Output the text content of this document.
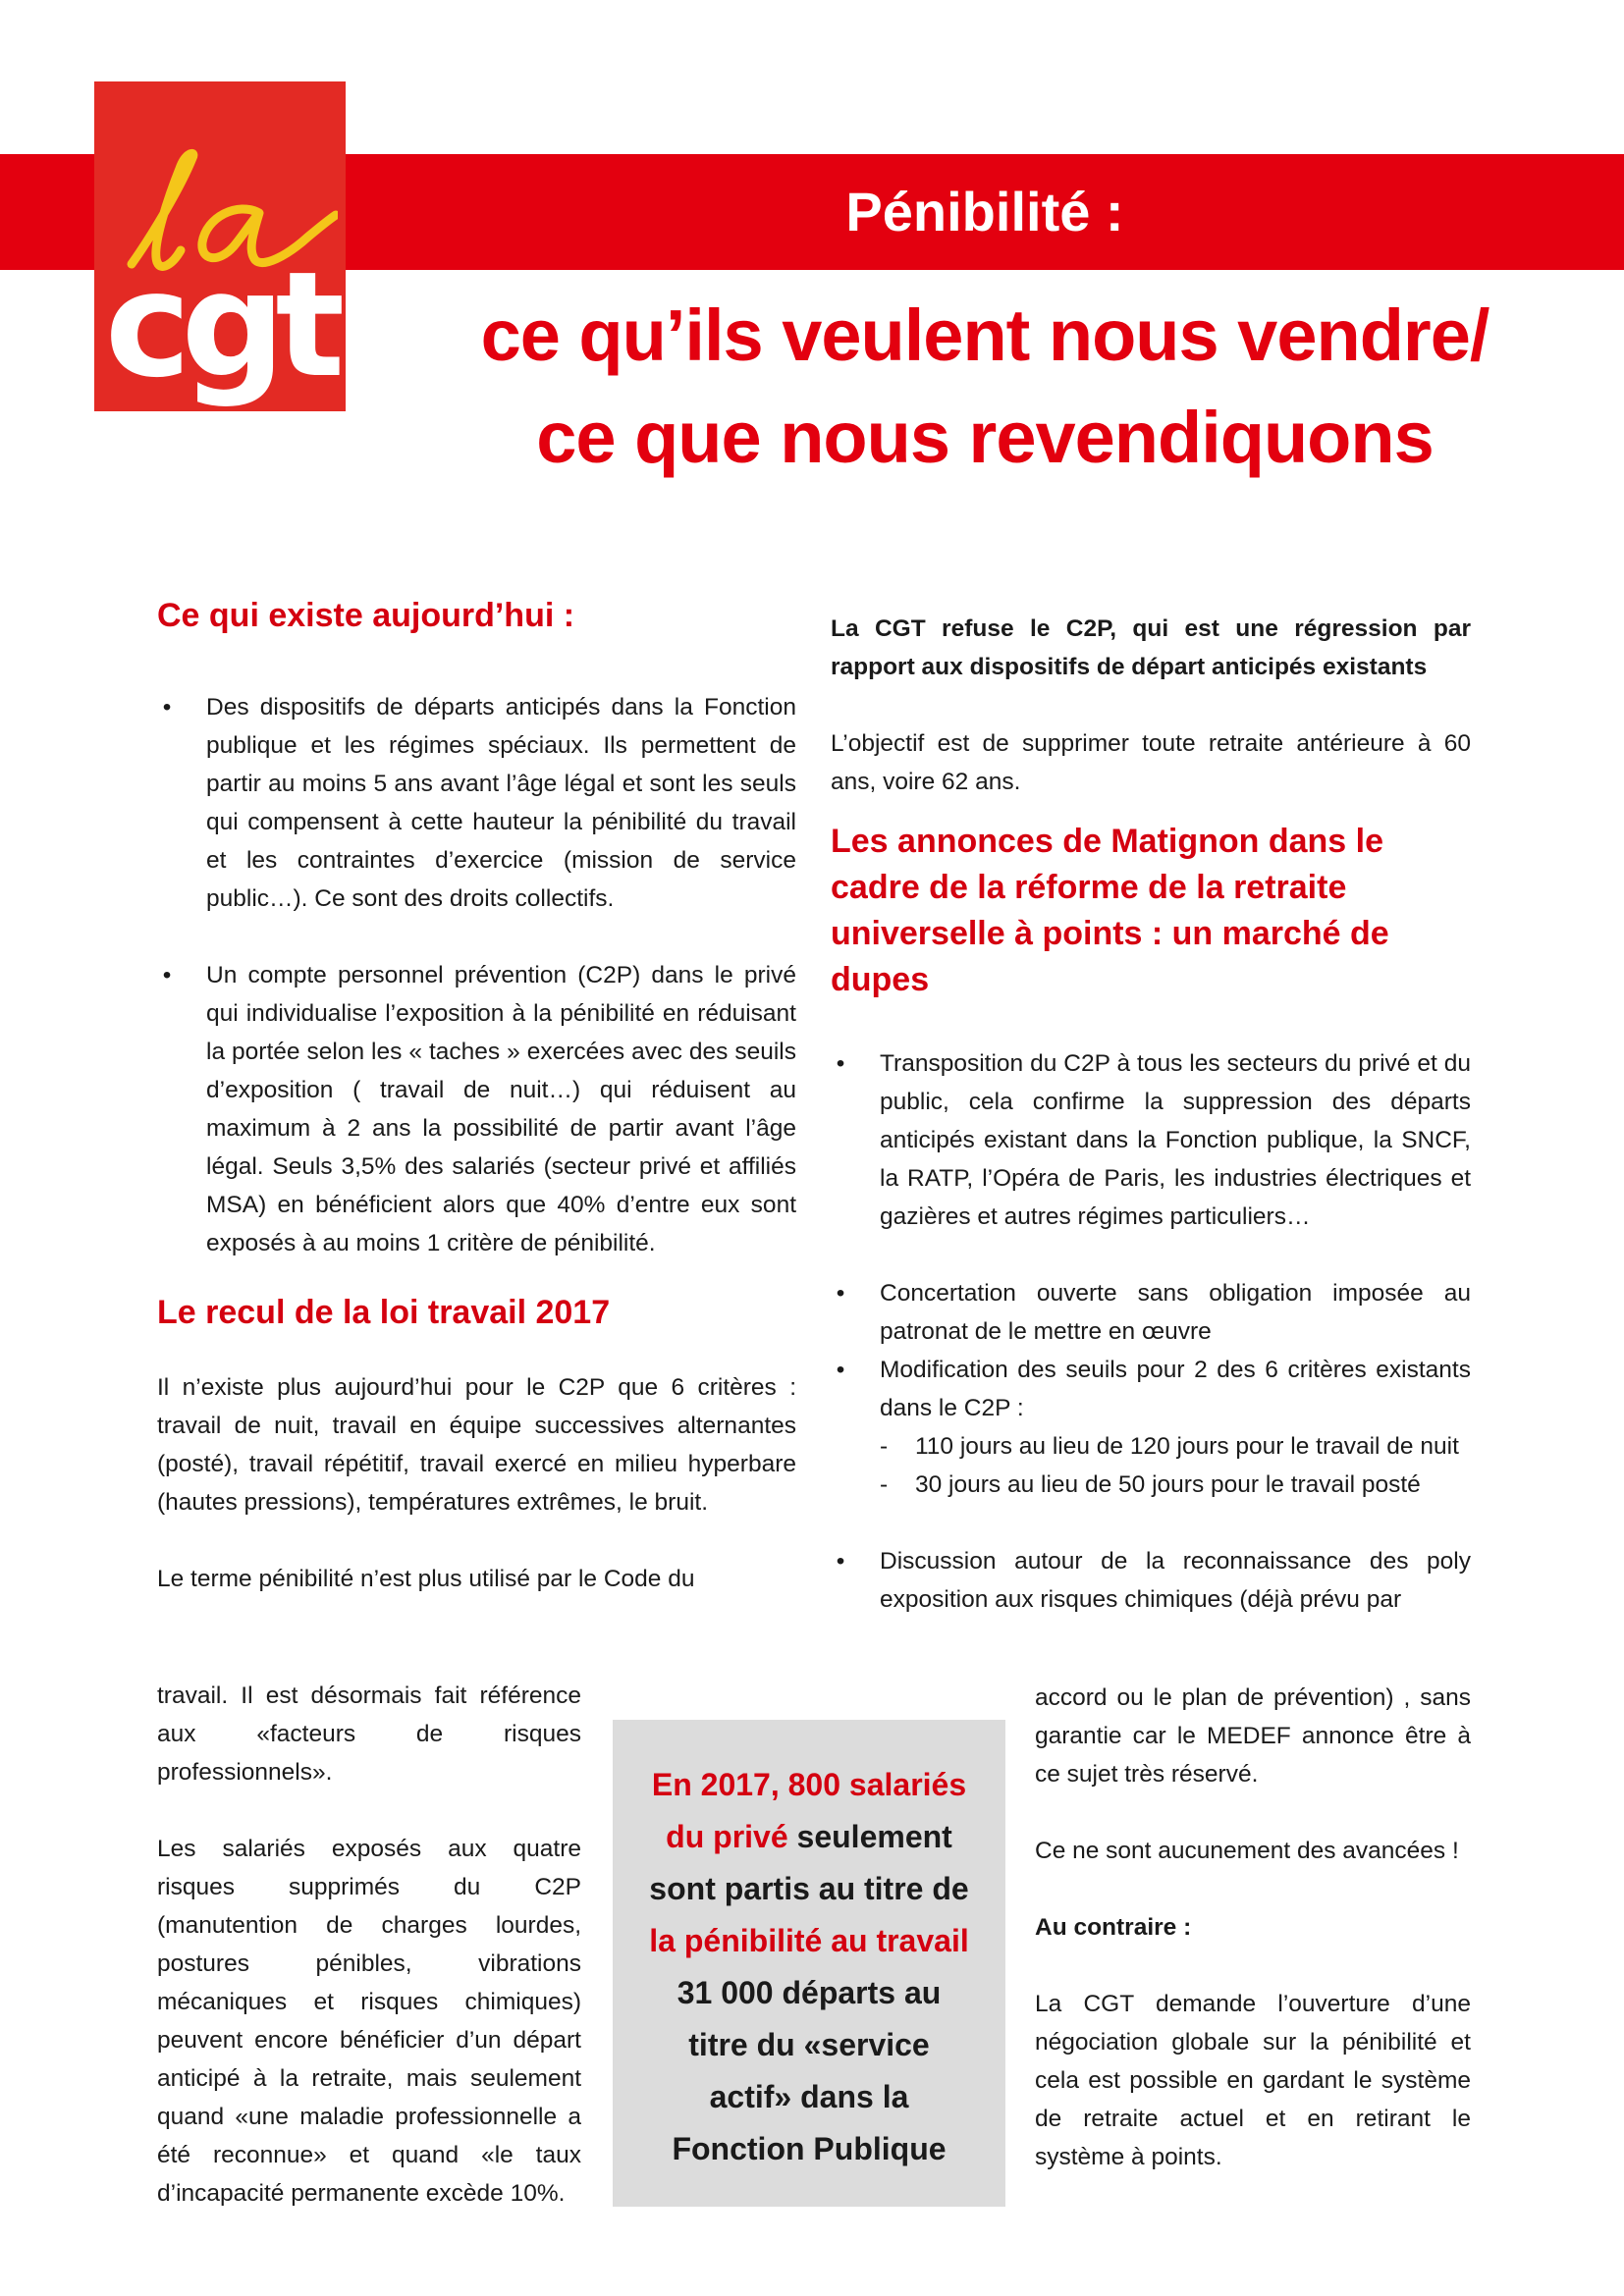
cgt
Pénibilité :
ce qu’ils veulent nous vendre/
ce que nous revendiquons
Ce qui existe aujourd’hui :
• Des dispositifs de départs anticipés dans la Fonction publique et les régimes spéciaux. Ils permettent de partir au moins 5 ans avant l’âge légal et sont les seuls qui compensent à cette hauteur la pénibilité du travail et les contraintes d’exercice (mission de service public…). Ce sont des droits collectifs.

• Un compte personnel prévention (C2P) dans le privé qui individualise l’exposition à la pénibilité en réduisant la portée selon les « taches » exercées avec des seuils d’exposition ( travail de nuit…) qui réduisent au maximum à 2 ans la possibilité de partir avant l’âge légal. Seuls 3,5% des salariés (secteur privé et affiliés MSA) en bénéficient alors que 40% d’entre eux sont exposés à au moins 1 critère de pénibilité.

Le recul de la loi travail 2017

Il n’existe plus aujourd’hui pour le C2P que 6 critères : travail de nuit, travail en équipe successives alternantes (posté), travail répétitif, travail exercé en milieu hyperbare (hautes pressions), températures extrêmes, le bruit.

Le terme pénibilité n’est plus utilisé par le Code du

travail. Il est désormais fait référence aux «facteurs de risques professionnels».

Les salariés exposés aux quatre risques supprimés du C2P (manutention de charges lourdes, postures pénibles, vibrations mécaniques et risques chimiques) peuvent encore bénéficier d’un départ anticipé à la retraite, mais seulement quand «une maladie professionnelle a été reconnue» et quand «le taux d’incapacité permanente excède 10%.

En 2017, 800 salariés
du privé seulement
sont partis au titre de
la pénibilité au travail
31 000 départs au
titre du «service
actif» dans la
Fonction Publique

La CGT refuse le C2P, qui est une régression par rapport aux dispositifs de départ anticipés existants

L’objectif est de supprimer toute retraite antérieure à 60 ans, voire 62 ans.

Les annonces de Matignon dans le cadre de la réforme de la retraite universelle à points : un marché de dupes
• Transposition du C2P à tous les secteurs du privé et du public, cela confirme la suppression des départs anticipés existant dans la Fonction publique, la SNCF, la RATP, l’Opéra de Paris, les industries électriques et gazières et autres régimes particuliers…

• Concertation ouverte sans obligation imposée au patronat de le mettre en œuvre

• Modification des seuils pour 2 des 6 critères existants dans le C2P :

- 110 jours au lieu de 120 jours pour le travail de nuit

- 30 jours au lieu de 50 jours pour le travail posté

• Discussion autour de la reconnaissance des poly exposition aux risques chimiques (déjà prévu par

accord ou le plan de prévention) , sans garantie car le MEDEF annonce être à ce sujet très réservé.

Ce ne sont aucunement des avancées !

Au contraire :

La CGT demande l’ouverture d’une négociation globale sur la pénibilité et cela est possible en gardant le système de retraite actuel et en retirant le système à points.
